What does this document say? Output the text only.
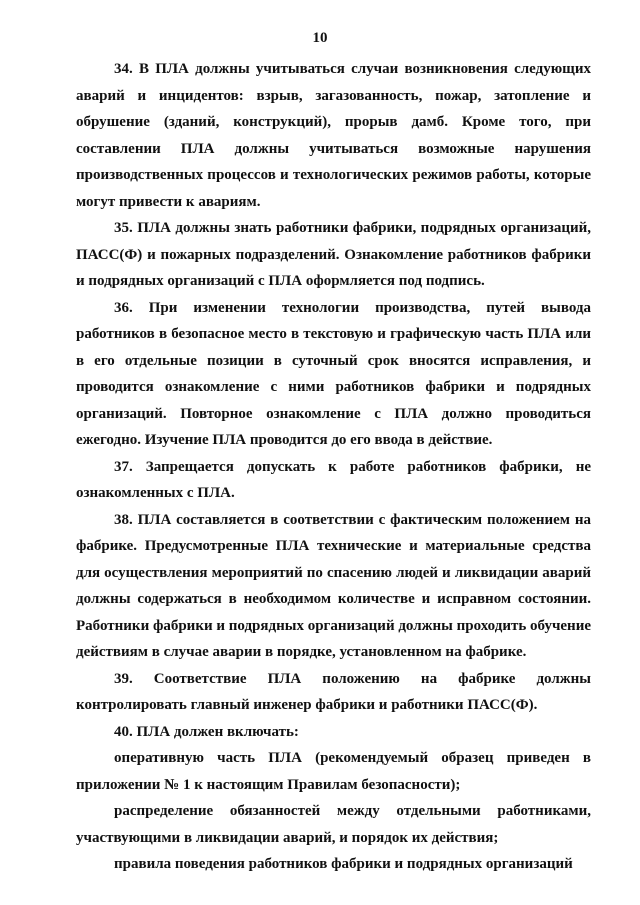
10

34. В ПЛА должны учитываться случаи возникновения следующих аварий и инцидентов: взрыв, загазованность, пожар, затопление и обрушение (зданий, конструкций), прорыв дамб. Кроме того, при составлении ПЛА должны учитываться возможные нарушения производственных процессов и технологических режимов работы, которые могут привести к авариям.

35. ПЛА должны знать работники фабрики, подрядных организаций, ПАСС(Ф) и пожарных подразделений. Ознакомление работников фабрики и подрядных организаций с ПЛА оформляется под подпись.

36. При изменении технологии производства, путей вывода работников в безопасное место в текстовую и графическую часть ПЛА или в его отдельные позиции в суточный срок вносятся исправления, и проводится ознакомление с ними работников фабрики и подрядных организаций. Повторное ознакомление с ПЛА должно проводиться ежегодно. Изучение ПЛА проводится до его ввода в действие.

37. Запрещается допускать к работе работников фабрики, не ознакомленных с ПЛА.

38. ПЛА составляется в соответствии с фактическим положением на фабрике. Предусмотренные ПЛА технические и материальные средства для осуществления мероприятий по спасению людей и ликвидации аварий должны содержаться в необходимом количестве и исправном состоянии. Работники фабрики и подрядных организаций должны проходить обучение действиям в случае аварии в порядке, установленном на фабрике.

39. Соответствие ПЛА положению на фабрике должны контролировать главный инженер фабрики и работники ПАСС(Ф).

40. ПЛА должен включать:

оперативную часть ПЛА (рекомендуемый образец приведен в приложении № 1 к настоящим Правилам безопасности);

распределение обязанностей между отдельными работниками, участвующими в ликвидации аварий, и порядок их действия;

правила поведения работников фабрики и подрядных организаций
